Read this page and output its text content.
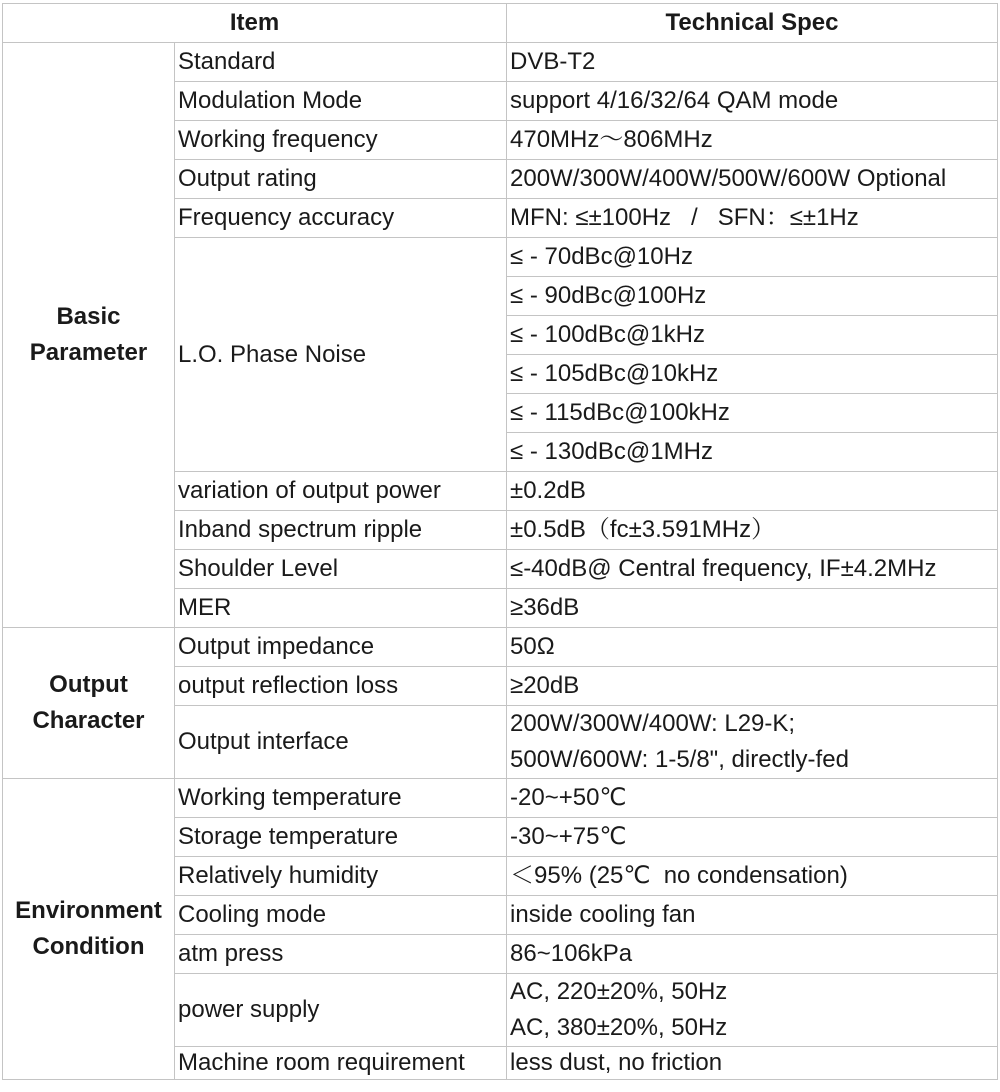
Item		Technical Spec

Basic
Parameter	Standard	DVB-T2
	Modulation Mode	support 4/16/32/64 QAM mode
	Working frequency	470MHz～806MHz
	Output rating	200W/300W/400W/500W/600W Optional
	Frequency accuracy	MFN: ≤±100Hz   /   SFN：≤±1Hz
	L.O. Phase Noise	≤ - 70dBc@10Hz
		≤ - 90dBc@100Hz
		≤ - 100dBc@1kHz
		≤ - 105dBc@10kHz
		≤ - 115dBc@100kHz
		≤ - 130dBc@1MHz
	variation of output power	±0.2dB
	Inband spectrum ripple	±0.5dB（fc±3.591MHz）
	Shoulder Level	≤-40dB@ Central frequency, IF±4.2MHz
	MER	≥36dB

Output
Character	Output impedance	50Ω
	output reflection loss	≥20dB
	Output interface	200W/300W/400W: L29-K;
500W/600W: 1-5/8", directly-fed

Environment
Condition	Working temperature	-20~+50℃
	Storage temperature	-30~+75℃
	Relatively humidity	＜95% (25℃  no condensation)
	Cooling mode	inside cooling fan
	atm press	86~106kPa
	power supply	AC, 220±20%, 50Hz
AC, 380±20%, 50Hz

	Machine room requirement	less dust, no friction
